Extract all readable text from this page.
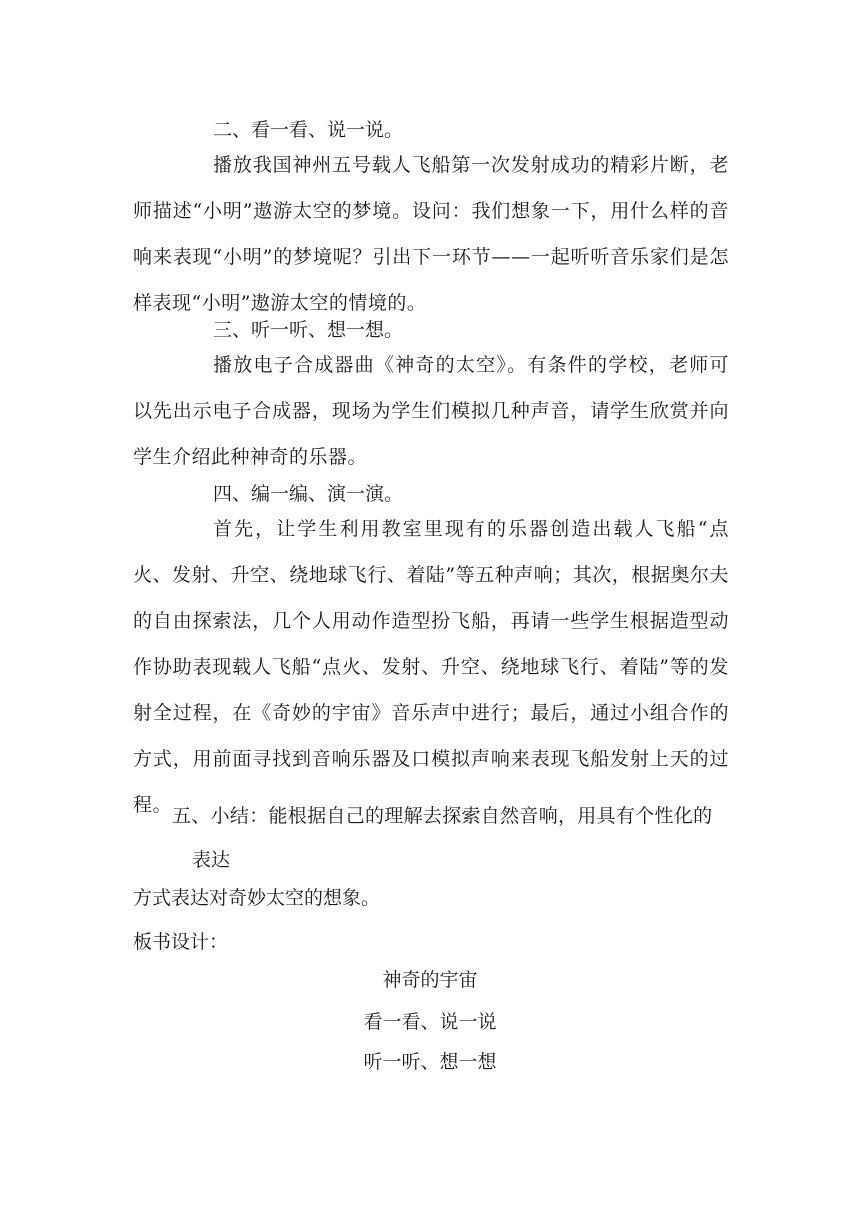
二、看一看、说一说。
播放我国神州五号载人飞船第一次发射成功的精彩片断，老师描述“小明”遨游太空的梦境。设问：我们想象一下，用什么样的音响来表现“小明”的梦境呢？引出下一环节——一起听听音乐家们是怎样表现“小明”遨游太空的情境的。
三、听一听、想一想。
播放电子合成器曲《神奇的太空》。有条件的学校，老师可以先出示电子合成器，现场为学生们模拟几种声音，请学生欣赏并向学生介绍此种神奇的乐器。
四、编一编、演一演。
首先，让学生利用教室里现有的乐器创造出载人飞船“点火、发射、升空、绕地球飞行、着陆”等五种声响；其次，根据奥尔夫的自由探索法，几个人用动作造型扮飞船，再请一些学生根据造型动作协助表现载人飞船“点火、发射、升空、绕地球飞行、着陆”等的发射全过程，在《奇妙的宇宙》音乐声中进行；最后，通过小组合作的方式，用前面寻找到音响乐器及口模拟声响来表现飞船发射上天的过程。 五、小结：能根据自己的理解去探索自然音响，用具有个性化的
表达
方式表达对奇妙太空的想象。
板书设计：
神奇的宇宙
看一看、说一说
听一听、想一想
